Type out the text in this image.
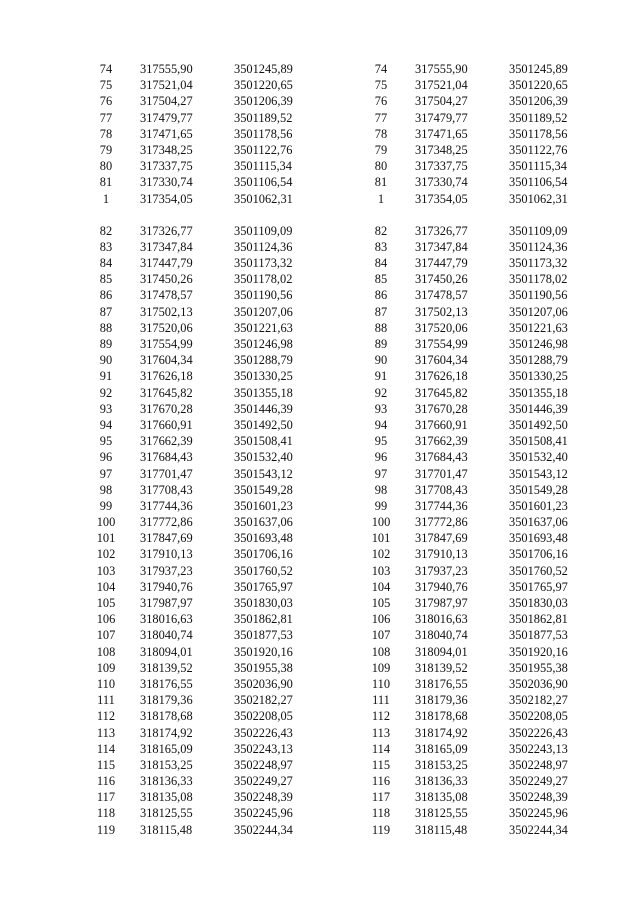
74	317555,90	3501245,89
75	317521,04	3501220,65
76	317504,27	3501206,39
77	317479,77	3501189,52
78	317471,65	3501178,56
79	317348,25	3501122,76
80	317337,75	3501115,34
81	317330,74	3501106,54
1	317354,05	3501062,31
82	317326,77	3501109,09
83	317347,84	3501124,36
84	317447,79	3501173,32
85	317450,26	3501178,02
86	317478,57	3501190,56
87	317502,13	3501207,06
88	317520,06	3501221,63
89	317554,99	3501246,98
90	317604,34	3501288,79
91	317626,18	3501330,25
92	317645,82	3501355,18
93	317670,28	3501446,39
94	317660,91	3501492,50
95	317662,39	3501508,41
96	317684,43	3501532,40
97	317701,47	3501543,12
98	317708,43	3501549,28
99	317744,36	3501601,23
100	317772,86	3501637,06
101	317847,69	3501693,48
102	317910,13	3501706,16
103	317937,23	3501760,52
104	317940,76	3501765,97
105	317987,97	3501830,03
106	318016,63	3501862,81
107	318040,74	3501877,53
108	318094,01	3501920,16
109	318139,52	3501955,38
110	318176,55	3502036,90
111	318179,36	3502182,27
112	318178,68	3502208,05
113	318174,92	3502226,43
114	318165,09	3502243,13
115	318153,25	3502248,97
116	318136,33	3502249,27
117	318135,08	3502248,39
118	318125,55	3502245,96
119	318115,48	3502244,34
74	317555,90	3501245,89
75	317521,04	3501220,65
76	317504,27	3501206,39
77	317479,77	3501189,52
78	317471,65	3501178,56
79	317348,25	3501122,76
80	317337,75	3501115,34
81	317330,74	3501106,54
1	317354,05	3501062,31
82	317326,77	3501109,09
83	317347,84	3501124,36
84	317447,79	3501173,32
85	317450,26	3501178,02
86	317478,57	3501190,56
87	317502,13	3501207,06
88	317520,06	3501221,63
89	317554,99	3501246,98
90	317604,34	3501288,79
91	317626,18	3501330,25
92	317645,82	3501355,18
93	317670,28	3501446,39
94	317660,91	3501492,50
95	317662,39	3501508,41
96	317684,43	3501532,40
97	317701,47	3501543,12
98	317708,43	3501549,28
99	317744,36	3501601,23
100	317772,86	3501637,06
101	317847,69	3501693,48
102	317910,13	3501706,16
103	317937,23	3501760,52
104	317940,76	3501765,97
105	317987,97	3501830,03
106	318016,63	3501862,81
107	318040,74	3501877,53
108	318094,01	3501920,16
109	318139,52	3501955,38
110	318176,55	3502036,90
111	318179,36	3502182,27
112	318178,68	3502208,05
113	318174,92	3502226,43
114	318165,09	3502243,13
115	318153,25	3502248,97
116	318136,33	3502249,27
117	318135,08	3502248,39
118	318125,55	3502245,96
119	318115,48	3502244,34
